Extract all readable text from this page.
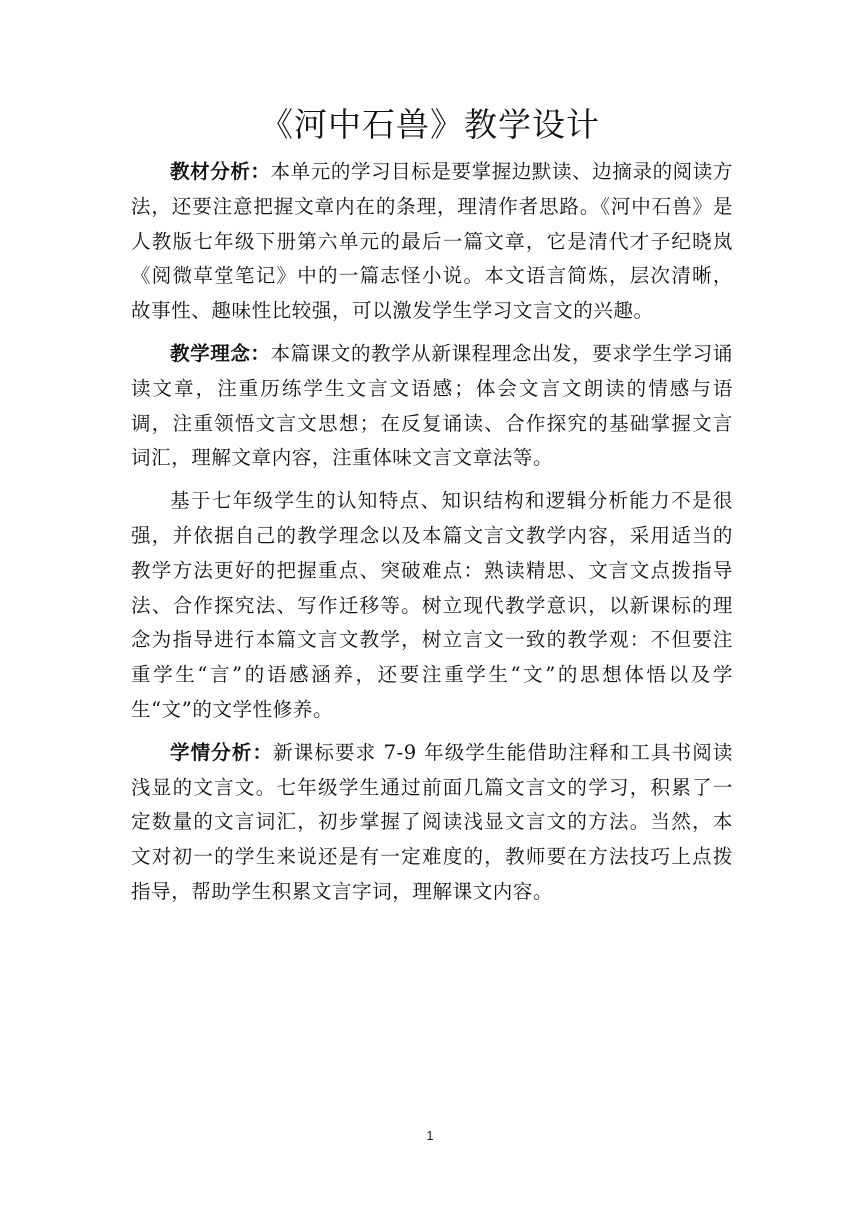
《河中石兽》教学设计

教材分析：本单元的学习目标是要掌握边默读、边摘录的阅读方法，还要注意把握文章内在的条理，理清作者思路。《河中石兽》是人教版七年级下册第六单元的最后一篇文章，它是清代才子纪晓岚《阅微草堂笔记》中的一篇志怪小说。本文语言简炼，层次清晰，故事性、趣味性比较强，可以激发学生学习文言文的兴趣。

教学理念：本篇课文的教学从新课程理念出发，要求学生学习诵读文章，注重历练学生文言文语感；体会文言文朗读的情感与语调，注重领悟文言文思想；在反复诵读、合作探究的基础掌握文言词汇，理解文章内容，注重体味文言文章法等。

基于七年级学生的认知特点、知识结构和逻辑分析能力不是很强，并依据自己的教学理念以及本篇文言文教学内容，采用适当的教学方法更好的把握重点、突破难点：熟读精思、文言文点拨指导法、合作探究法、写作迁移等。树立现代教学意识，以新课标的理念为指导进行本篇文言文教学，树立言文一致的教学观：不但要注重学生“言”的语感涵养，还要注重学生“文”的思想体悟以及学生“文”的文学性修养。

学情分析：新课标要求 7-9 年级学生能借助注释和工具书阅读浅显的文言文。七年级学生通过前面几篇文言文的学习，积累了一定数量的文言词汇，初步掌握了阅读浅显文言文的方法。当然，本文对初一的学生来说还是有一定难度的，教师要在方法技巧上点拨指导，帮助学生积累文言字词，理解课文内容。

1
